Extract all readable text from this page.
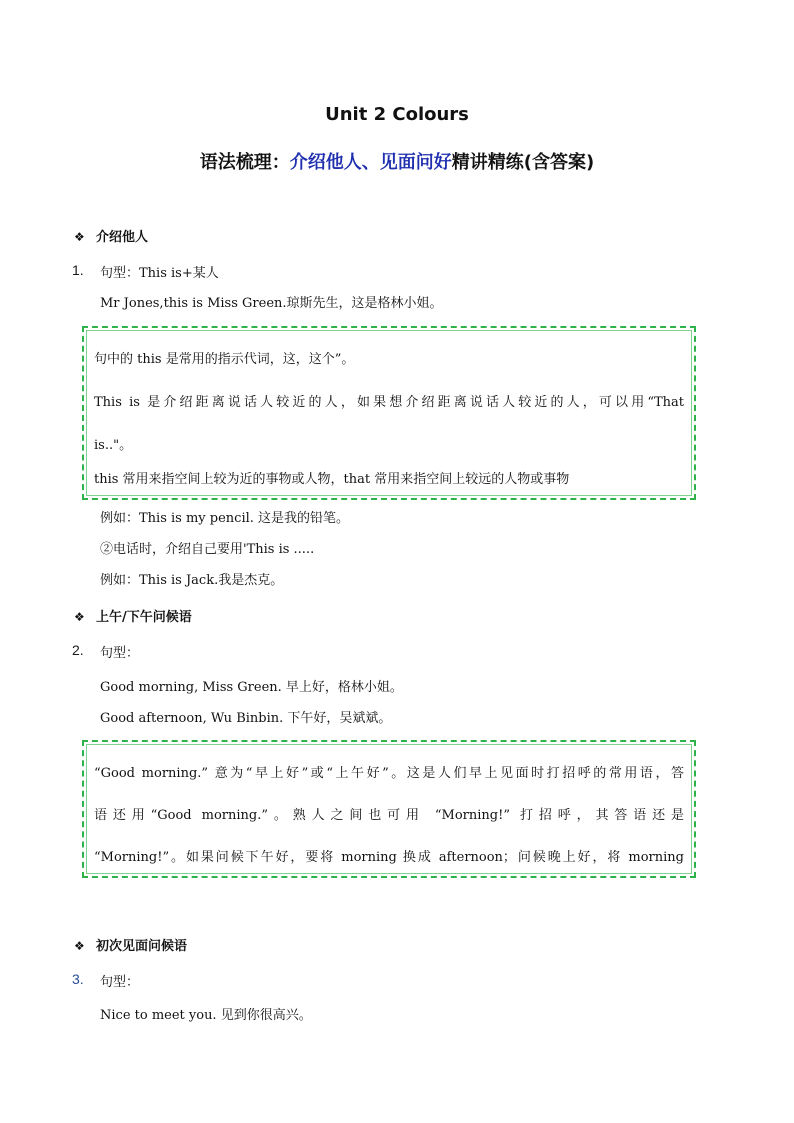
Unit 2 Colours
语法梳理：介绍他人、见面问好精讲精练(含答案)
❖ 介绍他人
1. 句型：This is+某人
Mr Jones,this is Miss Green.琼斯先生，这是格林小姐。
句中的 this 是常用的指示代词，这，这个”。
This is 是介绍距离说话人较近的人，如果想介绍距离说话人较近的人，可以用“That
is.."。
this 常用来指空间上较为近的事物或人物，that 常用来指空间上较远的人物或事物
例如：This is my pencil. 这是我的铅笔。
②电话时，介绍自己要用'This is .....
例如：This is Jack.我是杰克。
❖ 上午/下午问候语
2. 句型：
Good morning, Miss Green. 早上好，格林小姐。
Good afternoon, Wu Binbin. 下午好，吴斌斌。
“Good morning.” 意为“早上好”或“上午好”。这是人们早上见面时打招呼的常用语，答
语还用“Good morning.”。熟人之间也可用 “Morning!” 打招呼，其答语还是
“Morning!”。如果问候下午好，要将 morning 换成 afternoon；问候晚上好，将 morning
❖ 初次见面问候语
3. 句型：
Nice to meet you. 见到你很高兴。
